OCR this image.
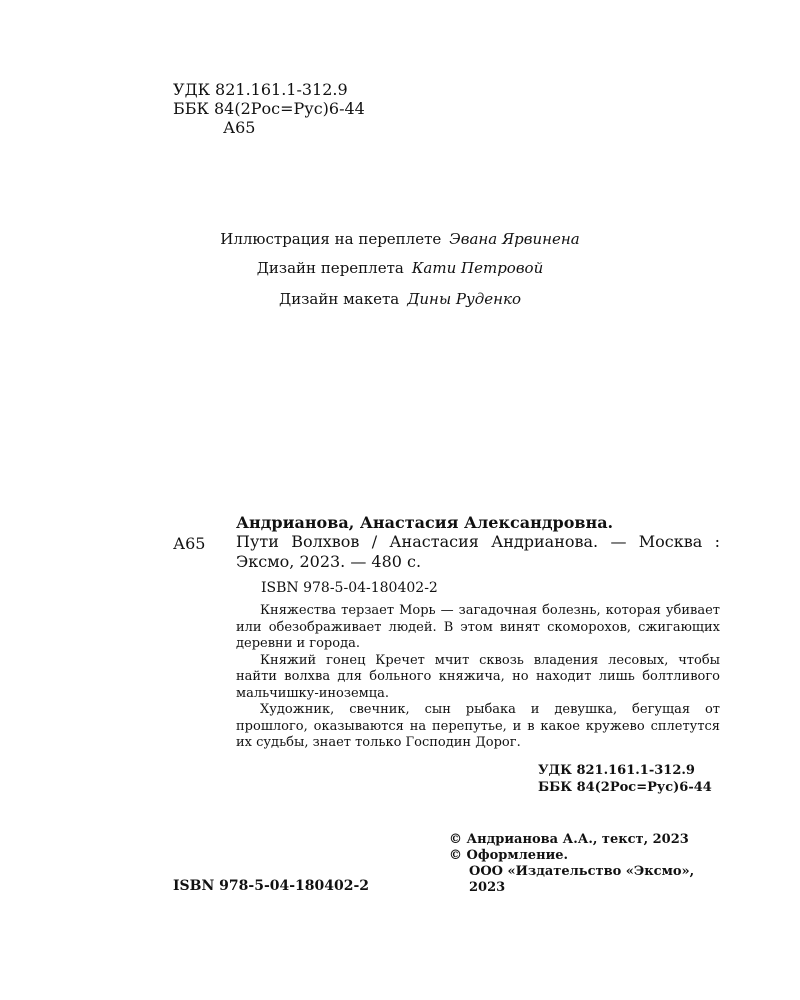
УДК 821.161.1-312.9
ББК 84(2Рос=Рус)6-44
А65
Иллюстрация на переплете Эвана Ярвинена
Дизайн переплета Кати Петровой
Дизайн макета Дины Руденко
Андрианова, Анастасия Александровна.
А65 Пути Волхвов / Анастасия Андрианова. — Москва : Эксмо, 2023. — 480 с.
ISBN 978-5-04-180402-2

Княжества терзает Морь — загадочная болезнь, которая убивает или обезображивает людей. В этом винят скоморохов, сжигающих деревни и города.

Княжий гонец Кречет мчит сквозь владения лесовых, чтобы найти волхва для больного княжича, но находит лишь болтливого мальчишку-иноземца.

Художник, свечник, сын рыбака и девушка, бегущая от прошлого, оказываются на перепутье, и в какое кружево сплетутся их судьбы, знает только Господин Дорог.

УДК 821.161.1-312.9
ББК 84(2Рос=Рус)6-44
© Андрианова А.А., текст, 2023
© Оформление.
ООО «Издательство «Эксмо»,
2023
ISBN 978-5-04-180402-2
